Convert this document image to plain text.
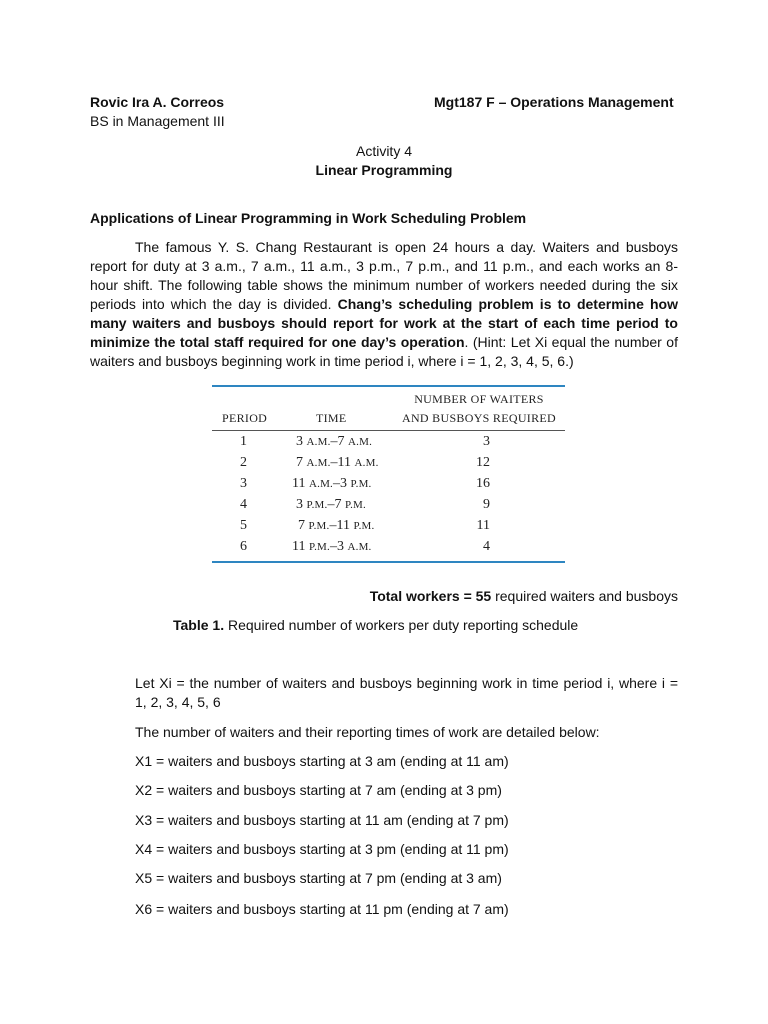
Rovic Ira A. Correos	Mgt187 F – Operations Management
BS in Management III
Activity 4
Linear Programming
Applications of Linear Programming in Work Scheduling Problem
The famous Y. S. Chang Restaurant is open 24 hours a day. Waiters and busboys report for duty at 3 a.m., 7 a.m., 11 a.m., 3 p.m., 7 p.m., and 11 p.m., and each works an 8-hour shift. The following table shows the minimum number of workers needed during the six periods into which the day is divided. Chang’s scheduling problem is to determine how many waiters and busboys should report for work at the start of each time period to minimize the total staff required for one day’s operation. (Hint: Let Xi equal the number of waiters and busboys beginning work in time period i, where i = 1, 2, 3, 4, 5, 6.)
NUMBER OF WAITERS
PERIOD	TIME	AND BUSBOYS REQUIRED
1	3 A.M.–7 A.M.	3
2	7 A.M.–11 A.M.	12
3	11 A.M.–3 P.M.	16
4	3 P.M.–7 P.M.	9
5	7 P.M.–11 P.M.	11
6	11 P.M.–3 A.M.	4
Total workers = 55 required waiters and busboys
Table 1. Required number of workers per duty reporting schedule
Let Xi = the number of waiters and busboys beginning work in time period i, where i = 1, 2, 3, 4, 5, 6
The number of waiters and their reporting times of work are detailed below:
X1 = waiters and busboys starting at 3 am (ending at 11 am)
X2 = waiters and busboys starting at 7 am (ending at 3 pm)
X3 = waiters and busboys starting at 11 am (ending at 7 pm)
X4 = waiters and busboys starting at 3 pm (ending at 11 pm)
X5 = waiters and busboys starting at 7 pm (ending at 3 am)
X6 = waiters and busboys starting at 11 pm (ending at 7 am)
